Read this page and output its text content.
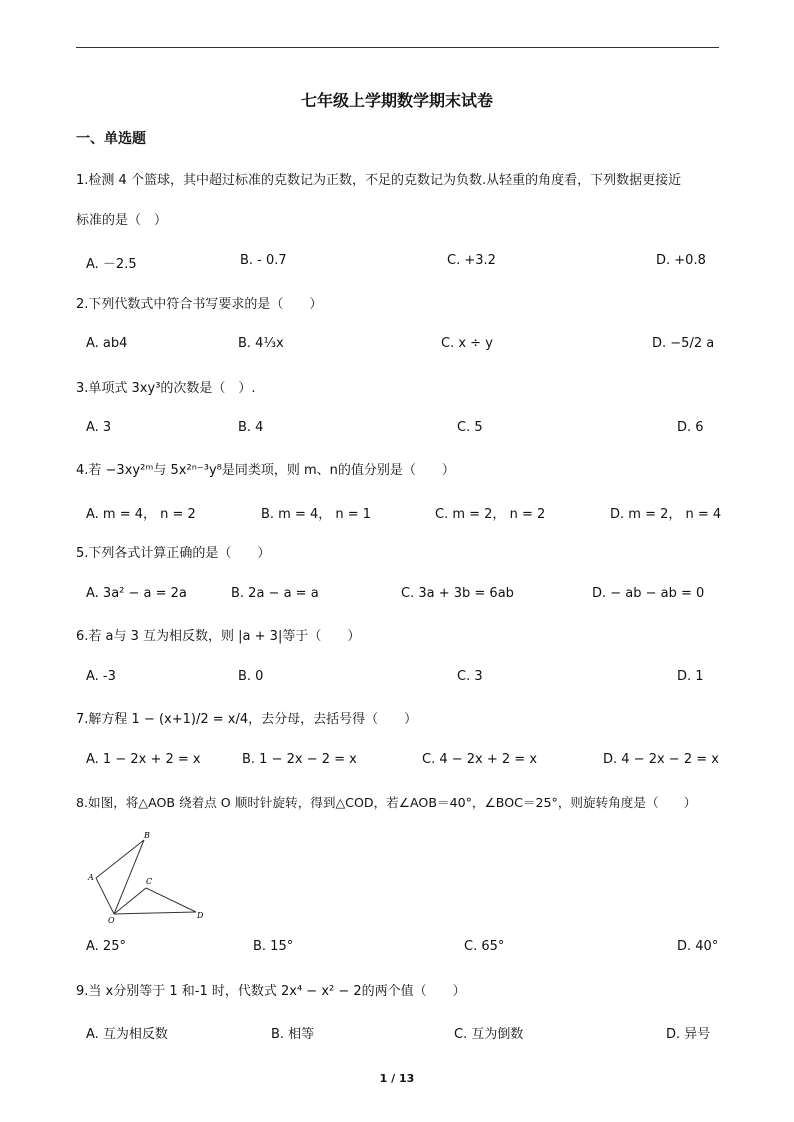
七年级上学期数学期末试卷
一、单选题
1.检测 4 个篮球，其中超过标准的克数记为正数，不足的克数记为负数.从轻重的角度看，下列数据更接近
标准的是（　）
A. －2.5	B. - 0.7	C. +3.2	D. +0.8
2.下列代数式中符合书写要求的是（　　）
A. ab4	B. 4⅓x	C. x ÷ y	D. −5/2 a
3.单项式 3xy³的次数是（　）.
A. 3	B. 4	C. 5	D. 6
4.若 −3xy²ᵐ与 5x²ⁿ⁻³y⁸是同类项，则 m、n的值分别是（　　）
A. m = 4， n = 2	B. m = 4， n = 1	C. m = 2， n = 2	D. m = 2， n = 4
5.下列各式计算正确的是（　　）
A. 3a² − a = 2a	B. 2a − a = a	C. 3a + 3b = 6ab	D. − ab − ab = 0
6.若 a与 3 互为相反数，则 |a + 3|等于（　　）
A. -3	B. 0	C. 3	D. 1
7.解方程 1 − (x+1)/2 = x/4，去分母，去括号得（　　）
A. 1 − 2x + 2 = x	B. 1 − 2x − 2 = x	C. 4 − 2x + 2 = x	D. 4 − 2x − 2 = x
8.如图，将△AOB 绕着点 O 顺时针旋转，得到△COD，若∠AOB＝40°，∠BOC＝25°，则旋转角度是（　　）
B
A	C
O
D
A. 25°	B. 15°	C. 65°	D. 40°
9.当 x分别等于 1 和-1 时，代数式 2x⁴ − x² − 2的两个值（　　）
A. 互为相反数	B. 相等	C. 互为倒数	D. 异号
1 / 13
